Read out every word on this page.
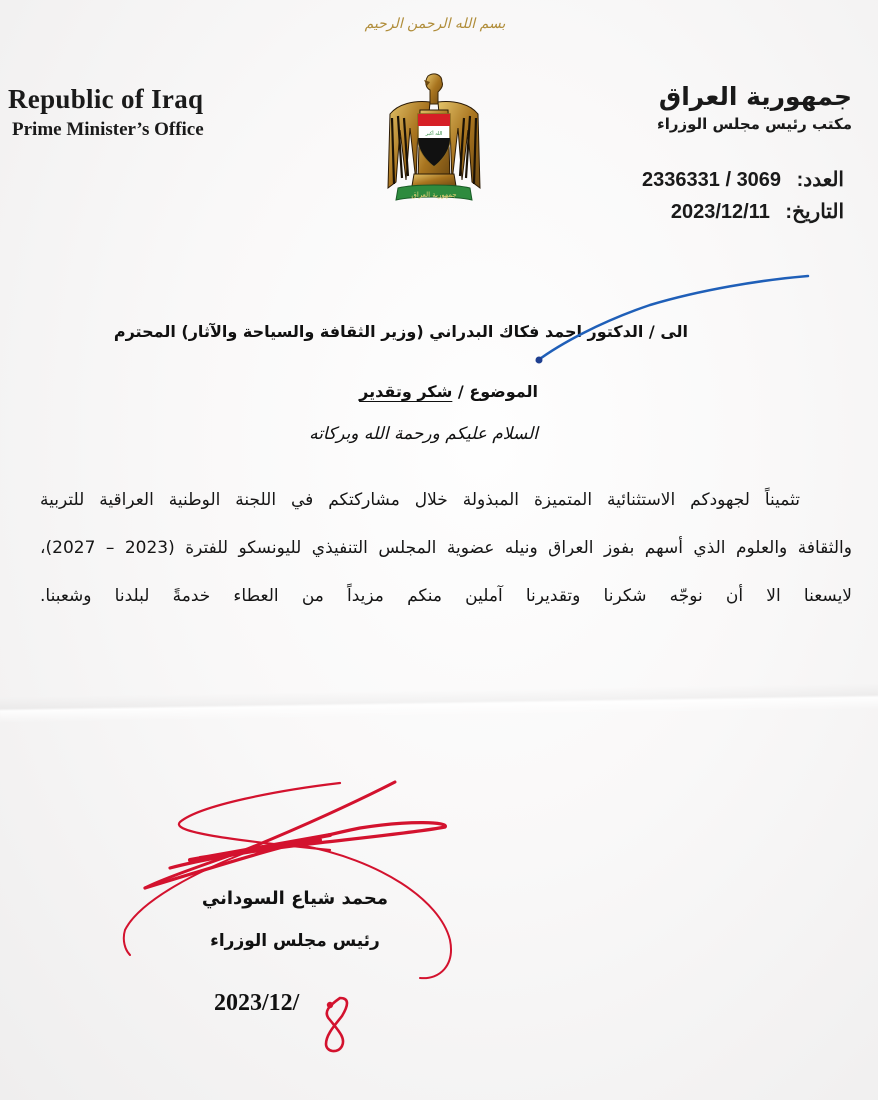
بسم الله الرحمن الرحيم
Republic of Iraq
Prime Minister’s Office	الله أكبر
جمهورية العراق
جمهورية العراق
مكتب رئيس مجلس الوزراء
العدد: 2336331 / 3069
التاريخ: 2023/12/11
الى / الدكتور احمد فكاك البدراني (وزير الثقافة والسياحة والآثار) المحترم
الموضوع / شكر وتقدير
السلام عليكم ورحمة الله وبركاته
تثميناً لجهودكم الاستثنائية المتميزة المبذولة خلال مشاركتكم في اللجنة الوطنية العراقية للتربية
والثقافة والعلوم الذي أسهم بفوز العراق ونيله عضوية المجلس التنفيذي لليونسكو للفترة (2023 – 2027)،
لايسعنا الا أن نوجّه شكرنا وتقديرنا آملين منكم مزيداً من العطاء خدمةً لبلدنا وشعبنا.
محمد شياع السوداني
رئيس مجلس الوزراء
2023/12/
